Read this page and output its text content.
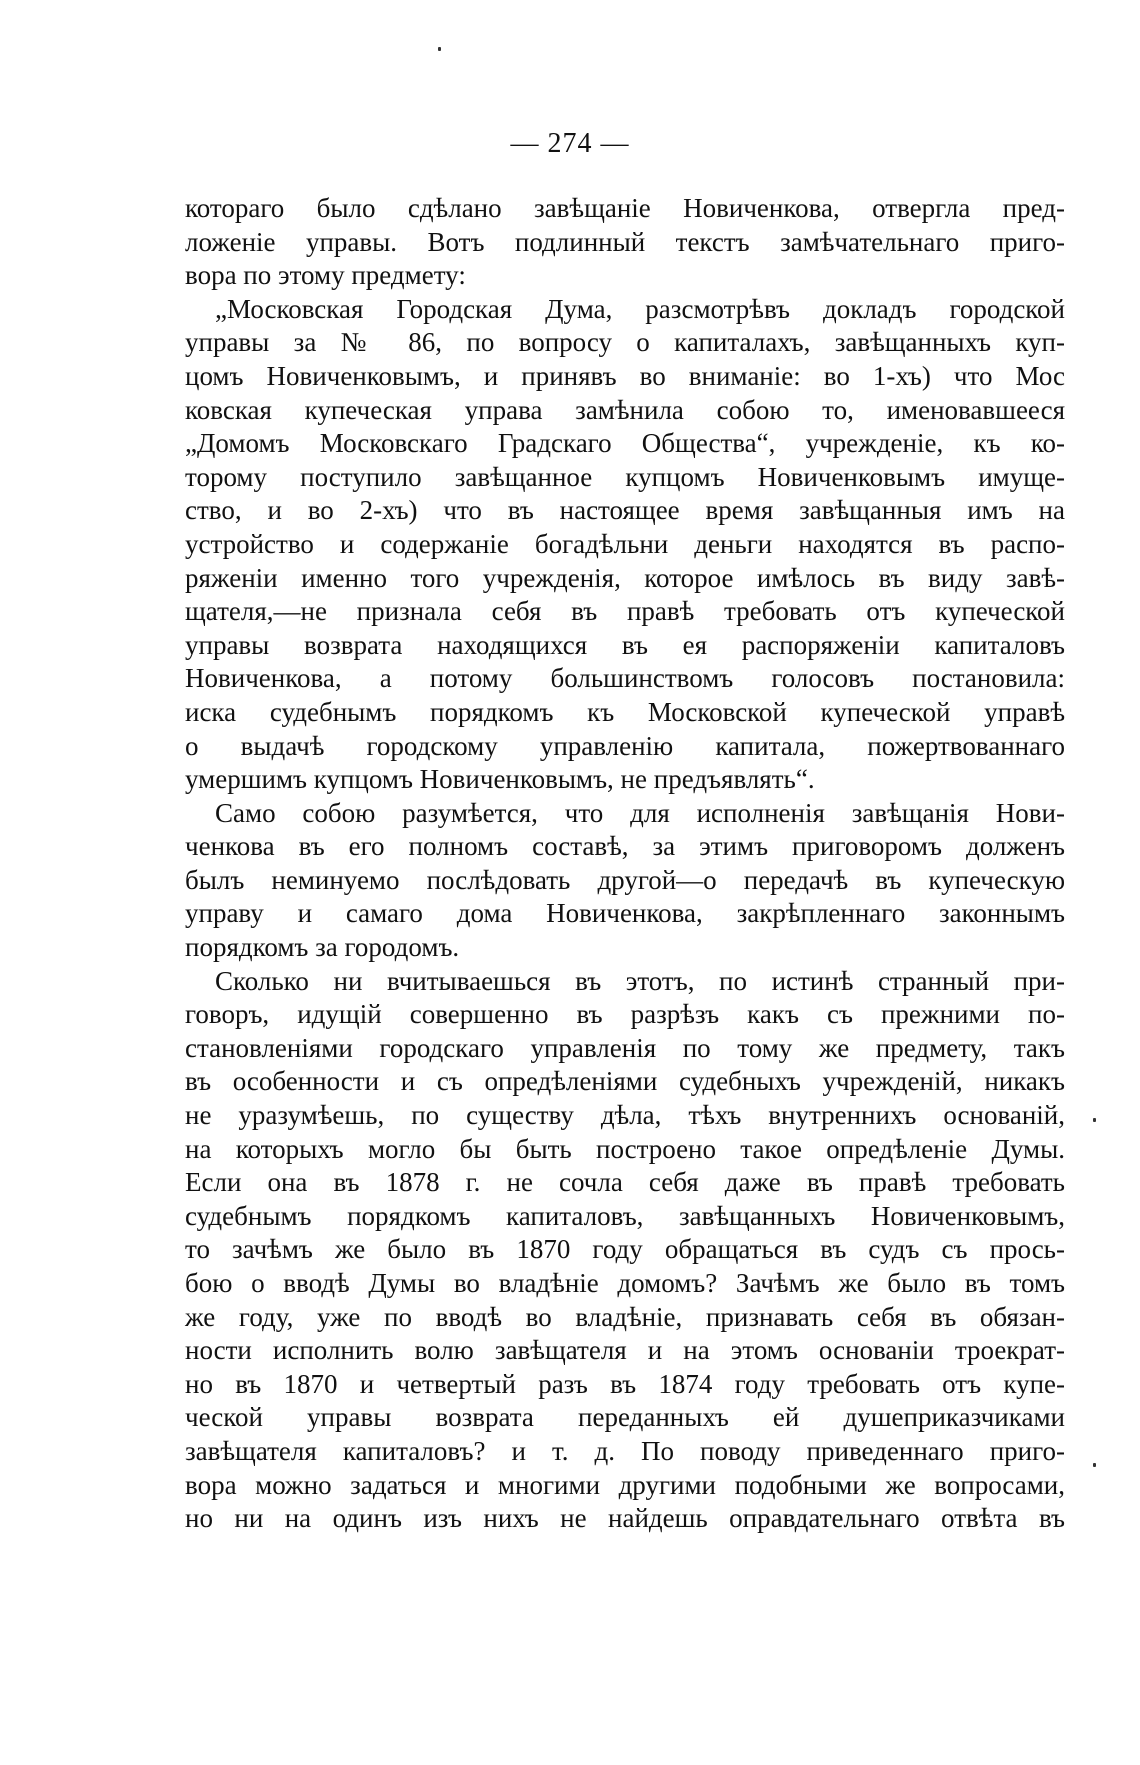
— 274 —
котораго было сдѣлано завѣщаніе Новиченкова, отвергла пред-
ложеніе управы. Вотъ подлинный текстъ замѣчательнаго приго-
вора по этому предмету:
„Московская Городская Дума, разсмотрѣвъ докладъ городской
управы за № 86, по вопросу о капиталахъ, завѣщанныхъ куп-
цомъ Новиченковымъ, и принявъ во вниманіе: во 1-хъ) что Мос
ковская купеческая управа замѣнила собою то, именовавшееся
„Домомъ Московскаго Градскаго Общества“, учрежденіе, къ ко-
торому поступило завѣщанное купцомъ Новиченковымъ имуще-
ство, и во 2-хъ) что въ настоящее время завѣщанныя имъ на
устройство и содержаніе богадѣльни деньги находятся въ распо-
ряженіи именно того учрежденія, которое имѣлось въ виду завѣ-
щателя,—не признала себя въ правѣ требовать отъ купеческой
управы возврата находящихся въ ея распоряженіи капиталовъ
Новиченкова, а потому большинствомъ голосовъ постановила:
иска судебнымъ порядкомъ къ Московской купеческой управѣ
о выдачѣ городскому управленію капитала, пожертвованнаго
умершимъ купцомъ Новиченковымъ, не предъявлять“.
Само собою разумѣется, что для исполненія завѣщанія Нови-
ченкова въ его полномъ составѣ, за этимъ приговоромъ долженъ
былъ неминуемо послѣдовать другой—о передачѣ въ купеческую
управу и самаго дома Новиченкова, закрѣпленнаго законнымъ
порядкомъ за городомъ.
Сколько ни вчитываешься въ этотъ, по истинѣ странный при-
говоръ, идущій совершенно въ разрѣзъ какъ съ прежними по-
становленіями городскаго управленія по тому же предмету, такъ
въ особенности и съ опредѣленіями судебныхъ учрежденій, никакъ
не уразумѣешь, по существу дѣла, тѣхъ внутреннихъ основаній,
на которыхъ могло бы быть построено такое опредѣленіе Думы.
Если она въ 1878 г. не сочла себя даже въ правѣ требовать
судебнымъ порядкомъ капиталовъ, завѣщанныхъ Новиченковымъ,
то зачѣмъ же было въ 1870 году обращаться въ судъ съ прось-
бою о вводѣ Думы во владѣніе домомъ? Зачѣмъ же было въ томъ
же году, уже по вводѣ во владѣніе, признавать себя въ обязан-
ности исполнить волю завѣщателя и на этомъ основаніи троекрат-
но въ 1870 и четвертый разъ въ 1874 году требовать отъ купе-
ческой управы возврата переданныхъ ей душеприказчиками
завѣщателя капиталовъ? и т. д. По поводу приведеннаго приго-
вора можно задаться и многими другими подобными же вопросами,
но ни на одинъ изъ нихъ не найдешь оправдательнаго отвѣта въ
